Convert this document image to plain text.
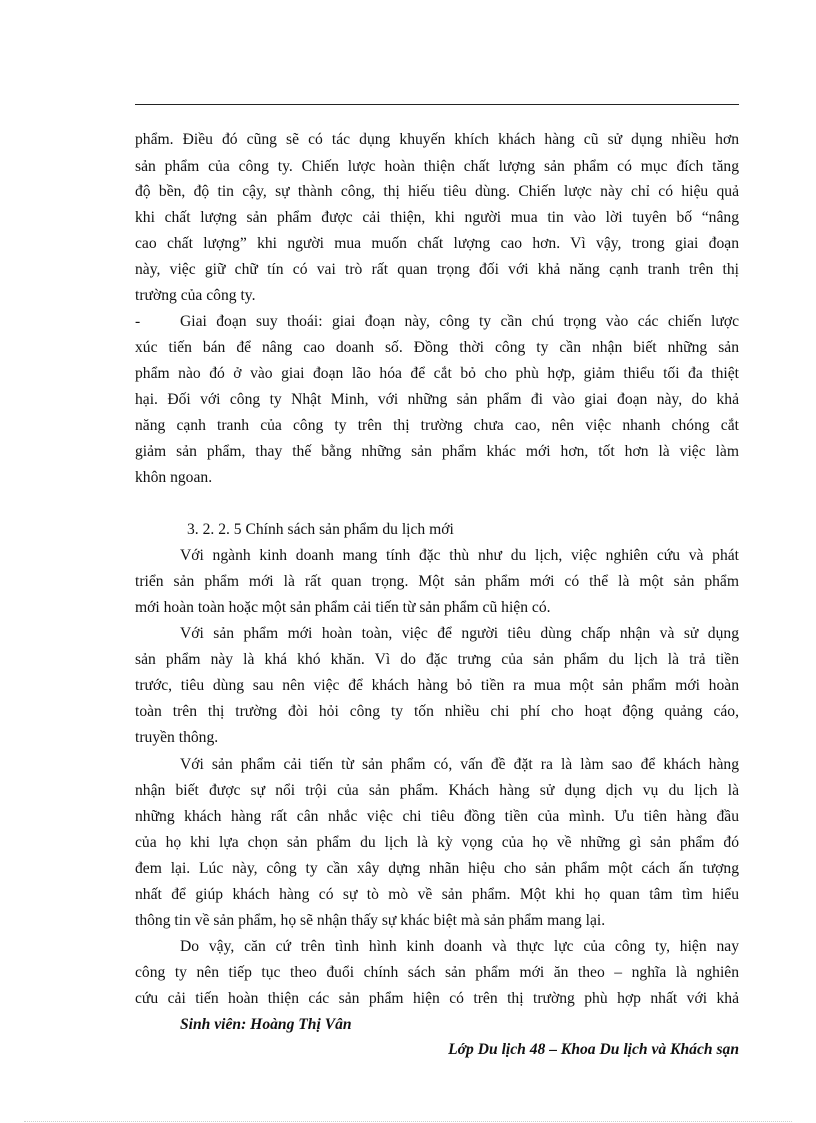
phẩm. Điều đó cũng sẽ có tác dụng khuyến khích khách hàng cũ sử dụng nhiều hơn
sản phẩm của công ty. Chiến lược hoàn thiện chất lượng sản phẩm có mục đích tăng
độ bền, độ tin cậy, sự thành công, thị hiếu tiêu dùng. Chiến lược này chỉ có hiệu quả
khi chất lượng sản phẩm được cải thiện, khi người mua tin vào lời tuyên bố “nâng
cao chất lượng” khi người mua muốn chất lượng cao hơn. Vì vậy, trong giai đoạn
này, việc giữ chữ tín có vai trò rất quan trọng đối với khả năng cạnh tranh trên thị
trường của công ty.
-	Giai đoạn suy thoái: giai đoạn này, công ty cần chú trọng vào các chiến lược
xúc tiến bán để nâng cao doanh số. Đồng thời công ty cần nhận biết những sản
phẩm nào đó ở vào giai đoạn lão hóa để cắt bỏ cho phù hợp, giảm thiểu tối đa thiệt
hại. Đối với công ty Nhật Minh, với những sản phẩm đi vào giai đoạn này, do khả
năng cạnh tranh của công ty trên thị trường chưa cao, nên việc nhanh chóng cắt
giảm sản phẩm, thay thế bằng những sản phẩm khác mới hơn, tốt hơn là việc làm
khôn ngoan.
3. 2. 2. 5 Chính sách sản phẩm du lịch mới
Với ngành kinh doanh mang tính đặc thù như du lịch, việc nghiên cứu và phát
triển sản phẩm mới là rất quan trọng. Một sản phẩm mới có thể là một sản phẩm
mới hoàn toàn hoặc một sản phẩm cải tiến từ sản phẩm cũ hiện có.
Với sản phẩm mới hoàn toàn, việc để người tiêu dùng chấp nhận và sử dụng
sản phẩm này là khá khó khăn. Vì do đặc trưng của sản phẩm du lịch là trả tiền
trước, tiêu dùng sau nên việc để khách hàng bỏ tiền ra mua một sản phẩm mới hoàn
toàn trên thị trường đòi hỏi công ty tốn nhiều chi phí cho hoạt động quảng cáo,
truyền thông.
Với sản phẩm cải tiến từ sản phẩm có, vấn đề đặt ra là làm sao để khách hàng
nhận biết được sự nổi trội của sản phẩm. Khách hàng sử dụng dịch vụ du lịch là
những khách hàng rất cân nhắc việc chi tiêu đồng tiền của mình. Ưu tiên hàng đầu
của họ khi lựa chọn sản phẩm du lịch là kỳ vọng của họ về những gì sản phẩm đó
đem lại. Lúc này, công ty cần xây dựng nhãn hiệu cho sản phẩm một cách ấn tượng
nhất để giúp khách hàng có sự tò mò về sản phẩm. Một khi họ quan tâm tìm hiểu
thông tin về sản phẩm, họ sẽ nhận thấy sự khác biệt mà sản phẩm mang lại.
Do vậy, căn cứ trên tình hình kinh doanh và thực lực của công ty, hiện nay
công ty nên tiếp tục theo đuổi chính sách sản phẩm mới ăn theo – nghĩa là nghiên
cứu cải tiến hoàn thiện các sản phẩm hiện có trên thị trường phù hợp nhất với khả
Sinh viên: Hoàng Thị Vân
Lớp Du lịch 48 – Khoa Du lịch và Khách sạn
